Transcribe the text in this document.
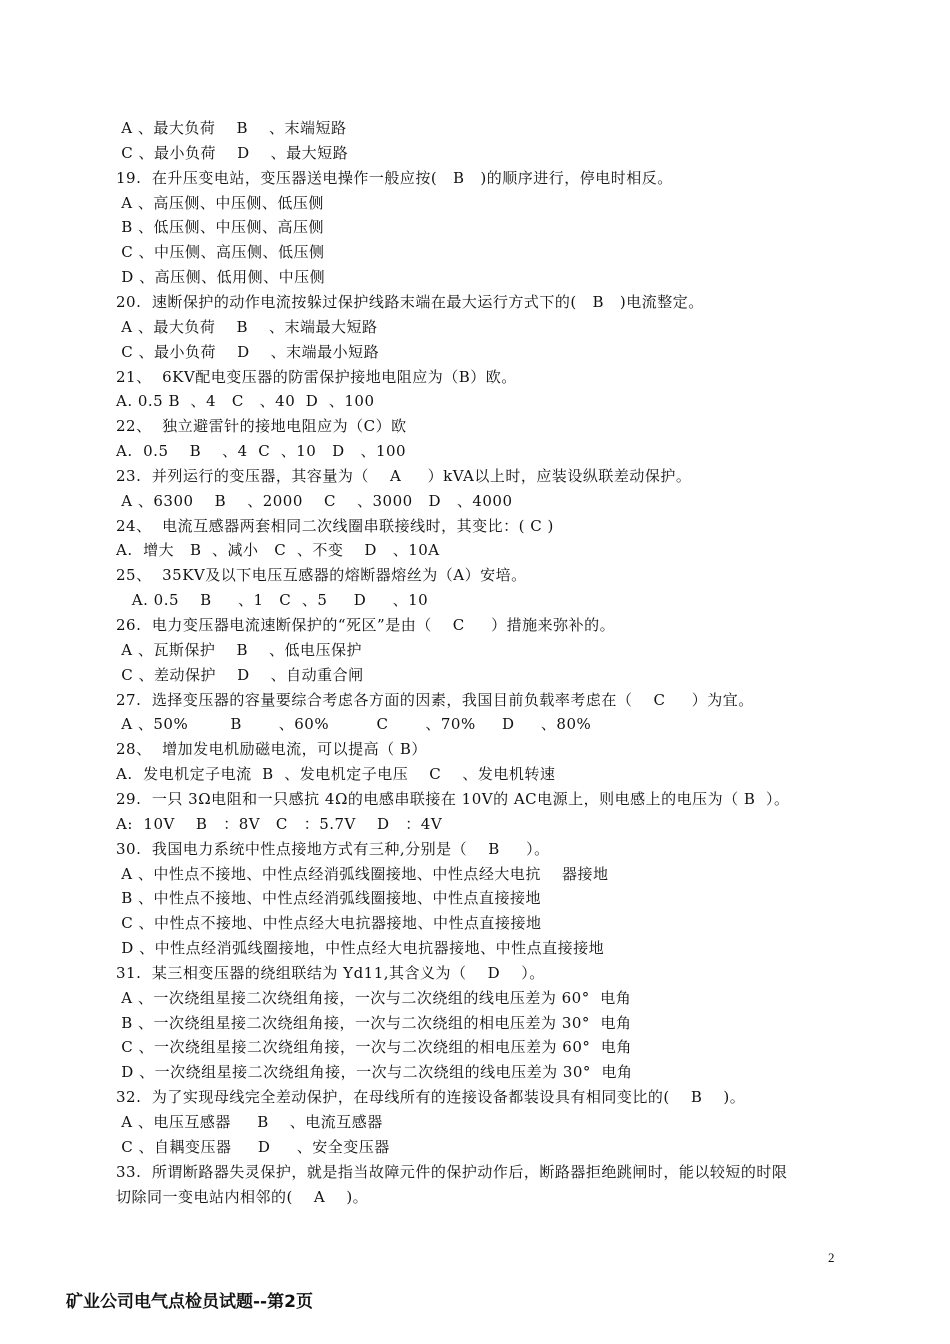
A 、最大负荷    B    、末端短路
C 、最小负荷    D    、最大短路
19.  在升压变电站，变压器送电操作一般应按(   B   )的顺序进行，停电时相反。
A 、高压侧、中压侧、低压侧
B 、低压侧、中压侧、高压侧
C 、中压侧、高压侧、低压侧
D 、高压侧、低用侧、中压侧
20.  速断保护的动作电流按躲过保护线路末端在最大运行方式下的(   B   )电流整定。
A 、最大负荷    B    、末端最大短路
C 、最小负荷    D    、末端最小短路
21、  6KV配电变压器的防雷保护接地电阻应为（B）欧。
A. 0.5 B  、4   C   、40  D  、100
22、  独立避雷针的接地电阻应为（C）欧
A.  0.5    B    、4  C  、10   D   、100
23.  并列运行的变压器，其容量为（    A     ）kVA以上时，应装设纵联差动保护。
A 、6300    B    、2000    C    、3000   D   、4000
24、  电流互感器两套相同二次线圈串联接线时，其变比：( C )
A.  增大   B  、减小   C  、不变    D   、10A
25、  35KV及以下电压互感器的熔断器熔丝为（A）安培。
A. 0.5    B     、1   C  、5     D     、10
26.  电力变压器电流速断保护的“死区”是由（    C     ）措施来弥补的。
A 、瓦斯保护    B    、低电压保护
C 、差动保护    D    、自动重合闸
27.  选择变压器的容量要综合考虑各方面的因素，我国目前负载率考虑在（    C     ）为宜。
A 、50%        B       、60%         C       、70%     D     、80%
28、  增加发电机励磁电流，可以提高（ B）
A.  发电机定子电流  B  、发电机定子电压    C    、发电机转速
29.  一只 3Ω电阻和一只感抗 4Ω的电感串联接在 10V的 AC电源上，则电感上的电压为（ B  ）。
A:  10V    B   ：8V   C   ：5.7V    D   ：4V
30.  我国电力系统中性点接地方式有三种,分别是（    B     ）。
A 、中性点不接地、中性点经消弧线圈接地、中性点经大电抗    器接地
B 、中性点不接地、中性点经消弧线圈接地、中性点直接接地
C 、中性点不接地、中性点经大电抗器接地、中性点直接接地
D 、中性点经消弧线圈接地，中性点经大电抗器接地、中性点直接接地
31.  某三相变压器的绕组联结为 Yd11,其含义为（    D    ）。
A 、一次绕组星接二次绕组角接，一次与二次绕组的线电压差为 60°  电角
B 、一次绕组星接二次绕组角接，一次与二次绕组的相电压差为 30°  电角
C 、一次绕组星接二次绕组角接，一次与二次绕组的相电压差为 60°  电角
D 、一次绕组星接二次绕组角接，一次与二次绕组的线电压差为 30°  电角
32.  为了实现母线完全差动保护，在母线所有的连接设备都装设具有相同变比的(    B    )。
A 、电压互感器     B    、电流互感器
C 、自耦变压器     D     、安全变压器
33.  所谓断路器失灵保护，就是指当故障元件的保护动作后，断路器拒绝跳闸时，能以较短的时限
切除同一变电站内相邻的(    A    )。
2
矿业公司电气点检员试题--第2页
